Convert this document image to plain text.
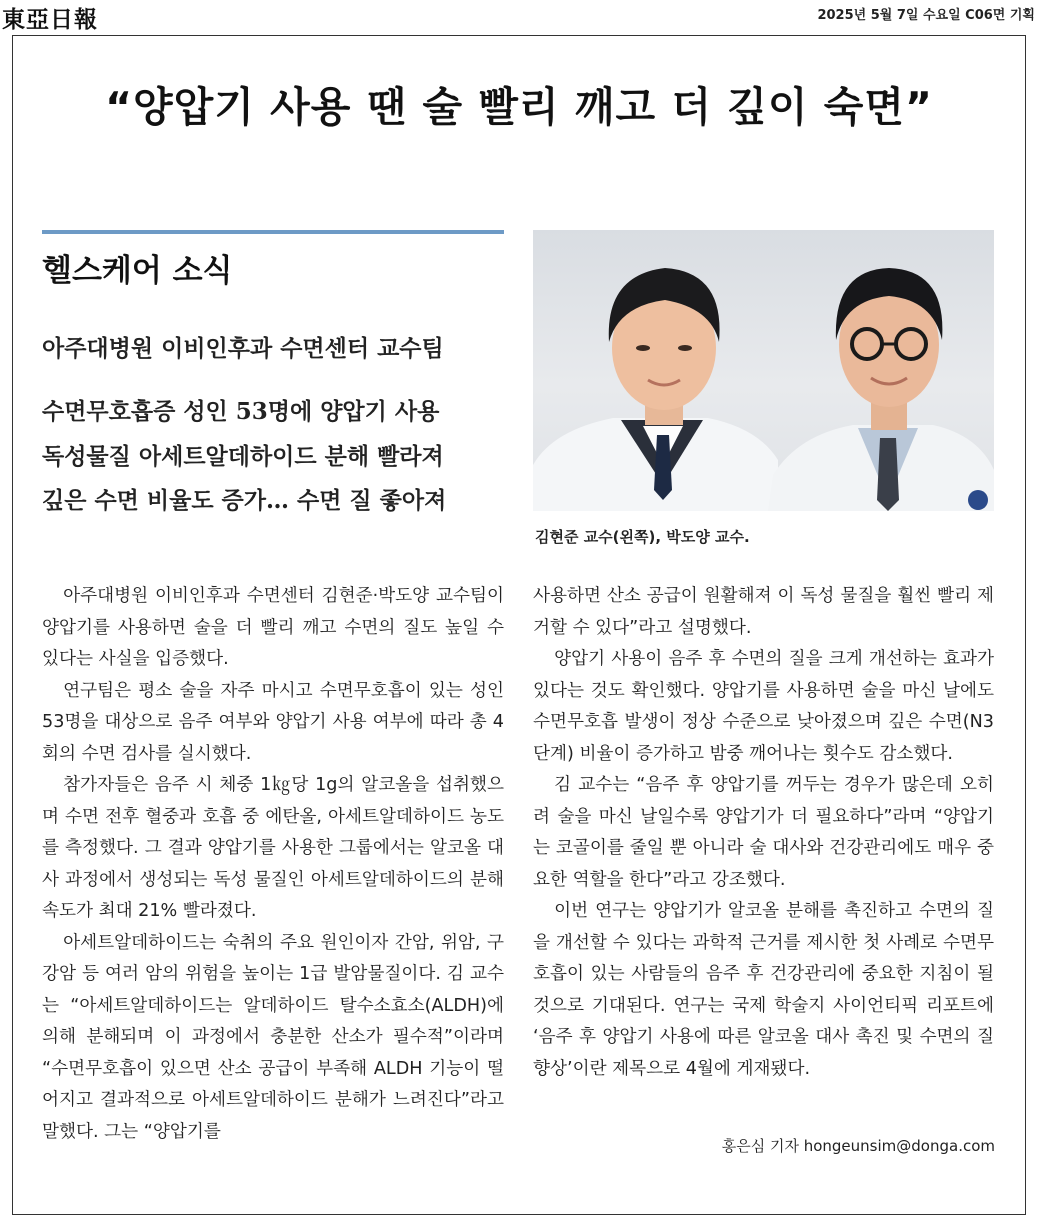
東亞日報	2025년 5월 7일 수요일 C06면 기획
“양압기 사용 땐 술 빨리 깨고 더 깊이 숙면”
헬스케어 소식
아주대병원 이비인후과 수면센터 교수팀
수면무호흡증 성인 53명에 양압기 사용
독성물질 아세트알데하이드 분해 빨라져
깊은 수면 비율도 증가… 수면 질 좋아져
김현준 교수(왼쪽), 박도양 교수.

아주대병원 이비인후과 수면센터 김현준·박도양 교수팀이 양압기를 사용하면 술을 더 빨리 깨고 수면의 질도 높일 수 있다는 사실을 입증했다.

연구팀은 평소 술을 자주 마시고 수면무호흡이 있는 성인 53명을 대상으로 음주 여부와 양압기 사용 여부에 따라 총 4회의 수면 검사를 실시했다.

참가자들은 음주 시 체중 1㎏당 1g의 알코올을 섭취했으며 수면 전후 혈중과 호흡 중 에탄올, 아세트알데하이드 농도를 측정했다. 그 결과 양압기를 사용한 그룹에서는 알코올 대사 과정에서 생성되는 독성 물질인 아세트알데하이드의 분해 속도가 최대 21% 빨라졌다.

아세트알데하이드는 숙취의 주요 원인이자 간암, 위암, 구강암 등 여러 암의 위험을 높이는 1급 발암물질이다. 김 교수는 “아세트알데하이드는 알데하이드 탈수소효소(ALDH)에 의해 분해되며 이 과정에서 충분한 산소가 필수적”이라며 “수면무호흡이 있으면 산소 공급이 부족해 ALDH 기능이 떨어지고 결과적으로 아세트알데하이드 분해가 느려진다”라고 말했다. 그는 “양압기를

사용하면 산소 공급이 원활해져 이 독성 물질을 훨씬 빨리 제거할 수 있다”라고 설명했다.

양압기 사용이 음주 후 수면의 질을 크게 개선하는 효과가 있다는 것도 확인했다. 양압기를 사용하면 술을 마신 날에도 수면무호흡 발생이 정상 수준으로 낮아졌으며 깊은 수면(N3 단계) 비율이 증가하고 밤중 깨어나는 횟수도 감소했다.

김 교수는 “음주 후 양압기를 꺼두는 경우가 많은데 오히려 술을 마신 날일수록 양압기가 더 필요하다”라며 “양압기는 코골이를 줄일 뿐 아니라 술 대사와 건강관리에도 매우 중요한 역할을 한다”라고 강조했다.

이번 연구는 양압기가 알코올 분해를 촉진하고 수면의 질을 개선할 수 있다는 과학적 근거를 제시한 첫 사례로 수면무호흡이 있는 사람들의 음주 후 건강관리에 중요한 지침이 될 것으로 기대된다. 연구는 국제 학술지 사이언티픽 리포트에 ‘음주 후 양압기 사용에 따른 알코올 대사 촉진 및 수면의 질 향상’이란 제목으로 4월에 게재됐다.

홍은심 기자 hongeunsim@donga.com
